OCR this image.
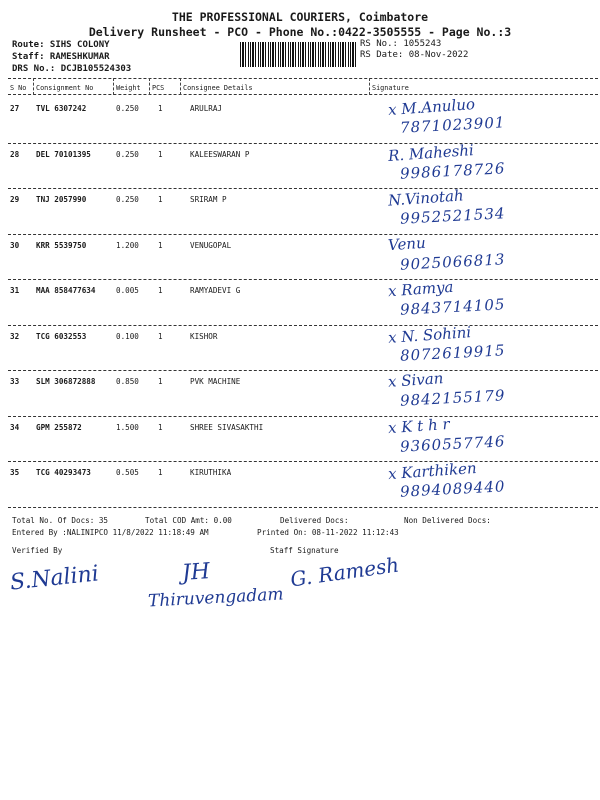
THE PROFESSIONAL COURIERS, Coimbatore
Delivery Runsheet - PCO - Phone No.:0422-3505555 - Page No.:3
Route: SIHS COLONY
Staff: RAMESHKUMAR
DRS No.: DCJB105524303
RS No.: 1055243
RS Date: 08-Nov-2022
S No Consignment No	Weight PCS	Consignee Details	Signature
27 TVL 6307242	0.250	1	ARULRAJ	x M.Anuluo
7871023901
28 DEL 70101395	0.250	1	KALEESWARAN P	R. Maheshi
9986178726
29 TNJ 2057990	0.250	1	SRIRAM P	N.Vinotah
9952521534
30 KRR 5539750	1.200	1	VENUGOPAL	Venu
9025066813
31 MAA 858477634	0.005	1	RAMYADEVI G	x Ramya
9843714105
32 TCG 6032553	0.100	1	KISHOR	x N. Sohini
8072619915
33 SLM 306872888	0.850	1	PVK MACHINE	x Sivan
9842155179
34 GPM 255872	1.500	1	SHREE SIVASAKTHI	x K t h r
9360557746
35 TCG 40293473	0.505	1	KIRUTHIKA	x Karthiken
9894089440
Total No. Of Docs: 35	Total COD Amt: 0.00	Delivered Docs:	Non Delivered Docs:
Entered By :NALINIPCO 11/8/2022 11:18:49 AM	Printed On: 08-11-2022 11:12:43
Verified By	Staff Signature
S.Nalini	JH	G. Ramesh
Thiruvengadam
